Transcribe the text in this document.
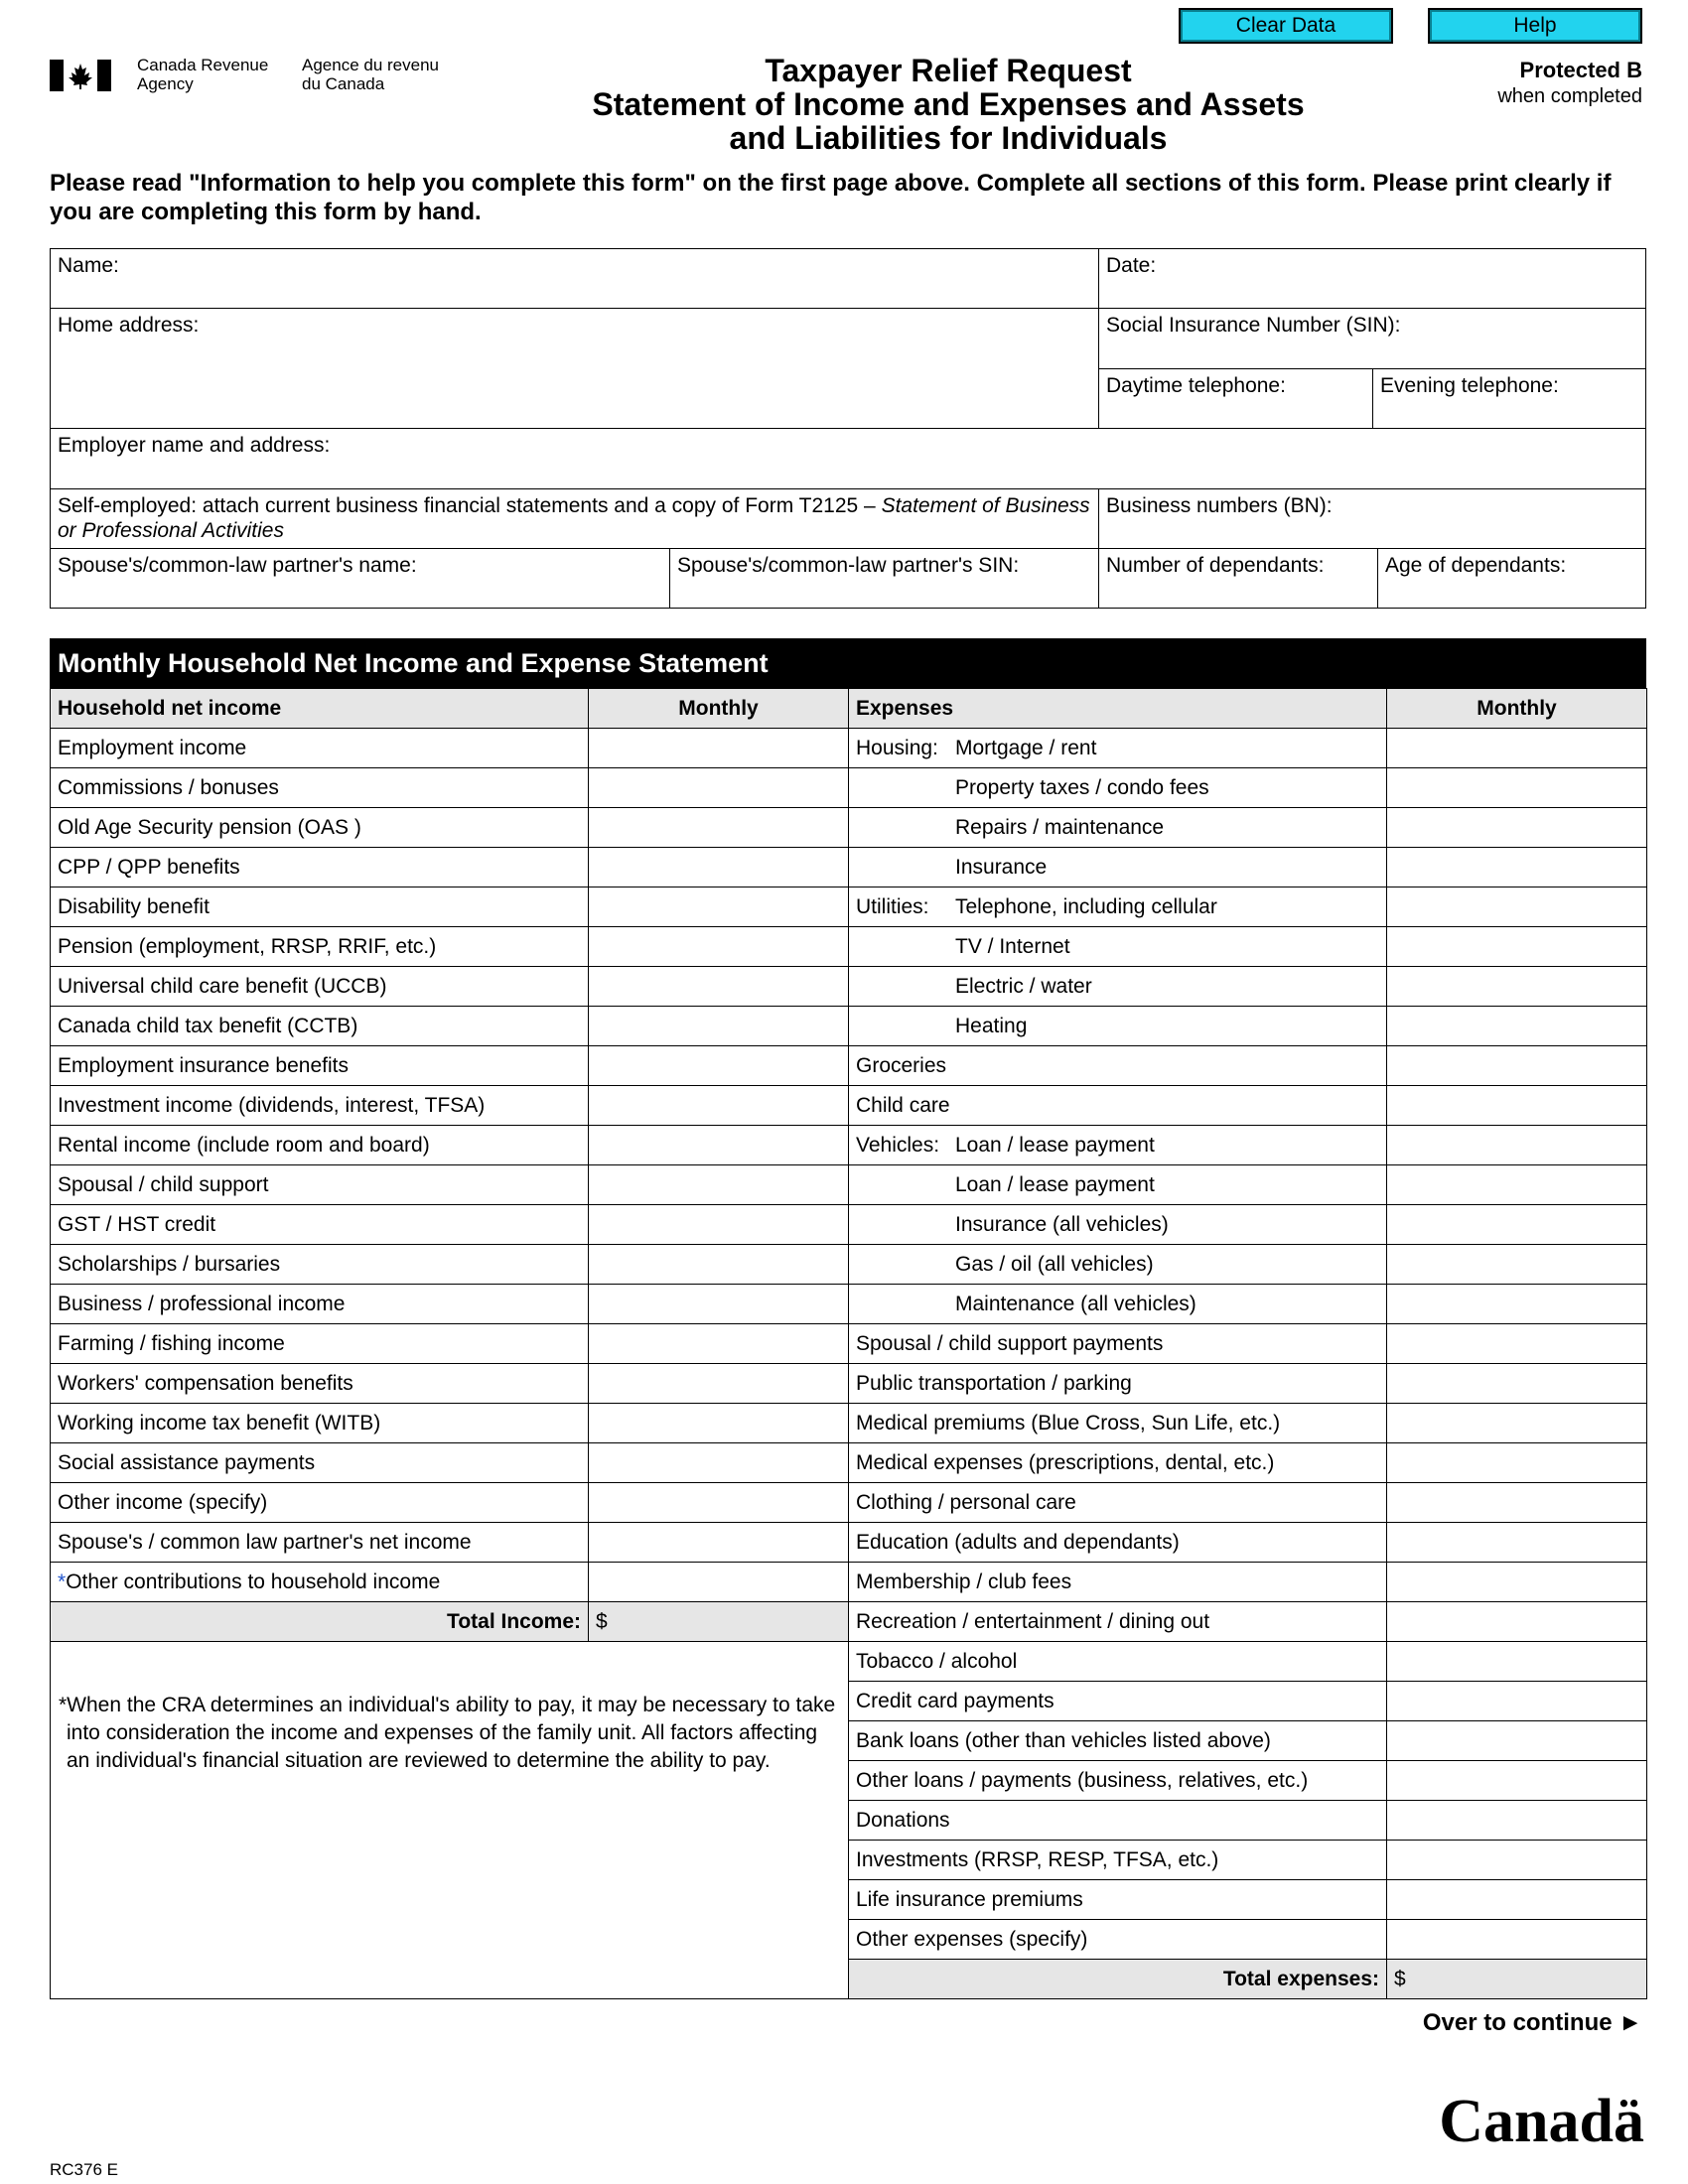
Clear Data	Help
Canada Revenue
Agency
Agence du revenu
du Canada	Taxpayer Relief Request
Statement of Income and Expenses and Assets
and Liabilities for Individuals
Protected B
when completed
Please read "Information to help you complete this form" on the first page above. Complete all sections of this form. Please print clearly if you are completing this form by hand.
Name:	Date:
Home address:	Social Insurance Number (SIN):
Daytime telephone:	Evening telephone:
Employer name and address:
Self-employed: attach current business financial statements and a copy of Form T2125 – Statement of Business or Professional Activities
Business numbers (BN):
Spouse's/common-law partner's name:	Spouse's/common-law partner's SIN:	Number of dependants:	Age of dependants:
Monthly Household Net Income and Expense Statement
Household net income	Monthly	Expenses	Monthly
Employment income		Housing: Mortgage / rent	
Commissions / bonuses		Property taxes / condo fees	
Old Age Security pension (OAS )		Repairs / maintenance	
CPP / QPP benefits		Insurance	
Disability benefit		Utilities: Telephone, including cellular	
Pension (employment, RRSP, RRIF, etc.)		TV / Internet	
Universal child care benefit (UCCB)		Electric / water	
Canada child tax benefit (CCTB)		Heating	
Employment insurance benefits		Groceries	
Investment income (dividends, interest, TFSA)		Child care	
Rental income (include room and board)		Vehicles: Loan / lease payment	
Spousal / child support		Loan / lease payment	
GST / HST credit		Insurance (all vehicles)	
Scholarships / bursaries		Gas / oil (all vehicles)	
Business / professional income		Maintenance (all vehicles)	
Farming / fishing income		Spousal / child support payments	
Workers' compensation benefits		Public transportation / parking	
Working income tax benefit (WITB)		Medical premiums (Blue Cross, Sun Life, etc.)	
Social assistance payments		Medical expenses (prescriptions, dental, etc.)	
Other income (specify)		Clothing / personal care	
Spouse's / common law partner's net income		Education (adults and dependants)	
*Other contributions to household income		Membership / club fees	
Total Income:	$	Recreation / entertainment / dining out	

*When the CRA determines an individual's ability to pay, it may be necessary to take into consideration the income and expenses of the family unit. All factors affecting an individual's financial situation are reviewed to determine the ability to pay.		Tobacco / alcohol	
		Credit card payments	
		Bank loans (other than vehicles listed above)	
		Other loans / payments (business, relatives, etc.)	
		Donations	
		Investments (RRSP, RESP, TFSA, etc.)	
		Life insurance premiums	
		Other expenses (specify)	
		Total expenses:	$
Over to continue ►
RC376 E
Canadä
